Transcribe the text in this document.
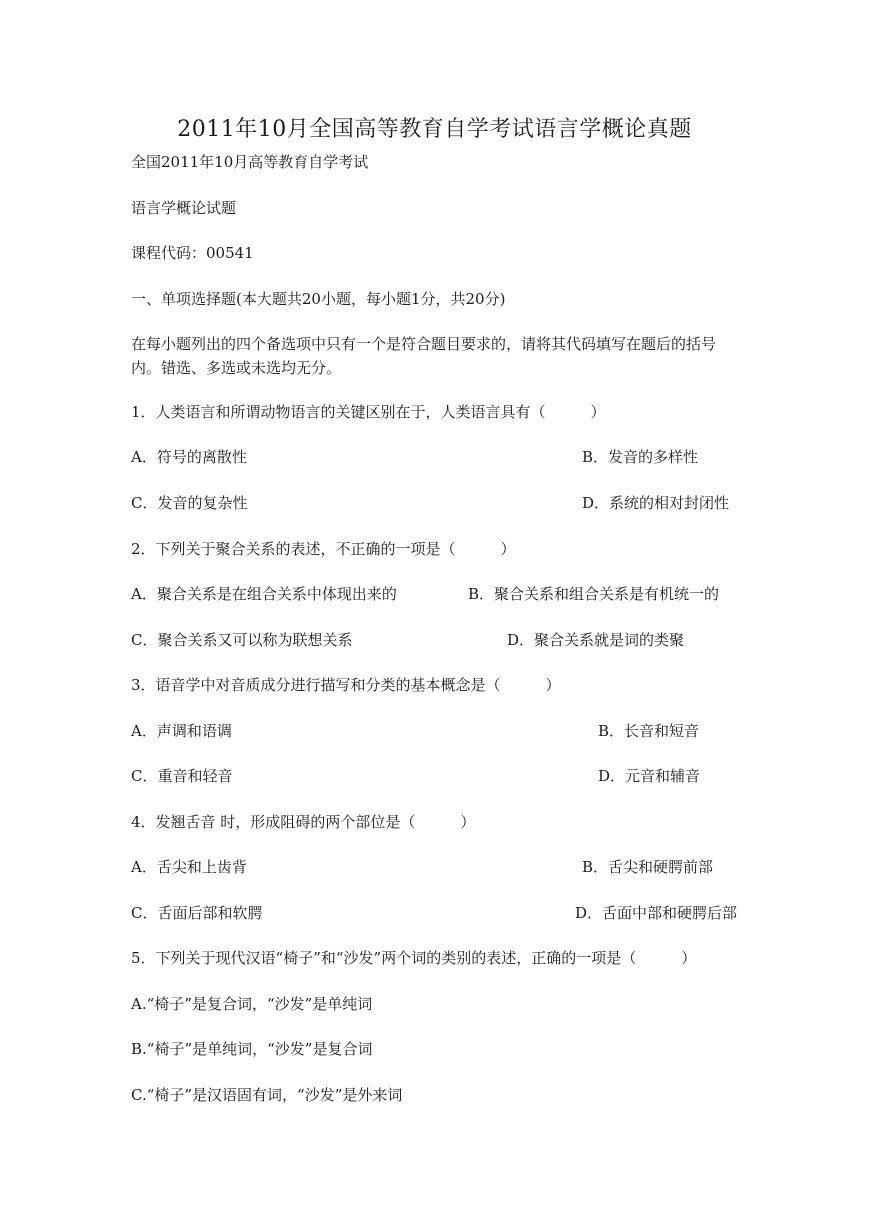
2011年10月全国高等教育自学考试语言学概论真题
全国2011年10月高等教育自学考试
语言学概论试题
课程代码：00541
一、单项选择题(本大题共20小题，每小题1分，共20分)
在每小题列出的四个备选项中只有一个是符合题目要求的，请将其代码填写在题后的括号内。错选、多选或未选均无分。
1．人类语言和所谓动物语言的关键区别在于，人类语言具有（　　　）
A．符号的离散性	B．发音的多样性
C．发音的复杂性	D．系统的相对封闭性
2．下列关于聚合关系的表述，不正确的一项是（　　　）
A．聚合关系是在组合关系中体现出来的	B．聚合关系和组合关系是有机统一的
C．聚合关系又可以称为联想关系	D．聚合关系就是词的类聚
3．语音学中对音质成分进行描写和分类的基本概念是（　　　）
A．声调和语调	B．长音和短音
C．重音和轻音	D．元音和辅音
4．发翘舌音 时，形成阻碍的两个部位是（　　　）
A．舌尖和上齿背	B．舌尖和硬腭前部
C．舌面后部和软腭	D．舌面中部和硬腭后部
5．下列关于现代汉语“椅子”和“沙发”两个词的类别的表述，正确的一项是（　　　）
A.“椅子”是复合词，“沙发”是单纯词
B.“椅子”是单纯词，“沙发”是复合词
C.“椅子”是汉语固有词，“沙发”是外来词
